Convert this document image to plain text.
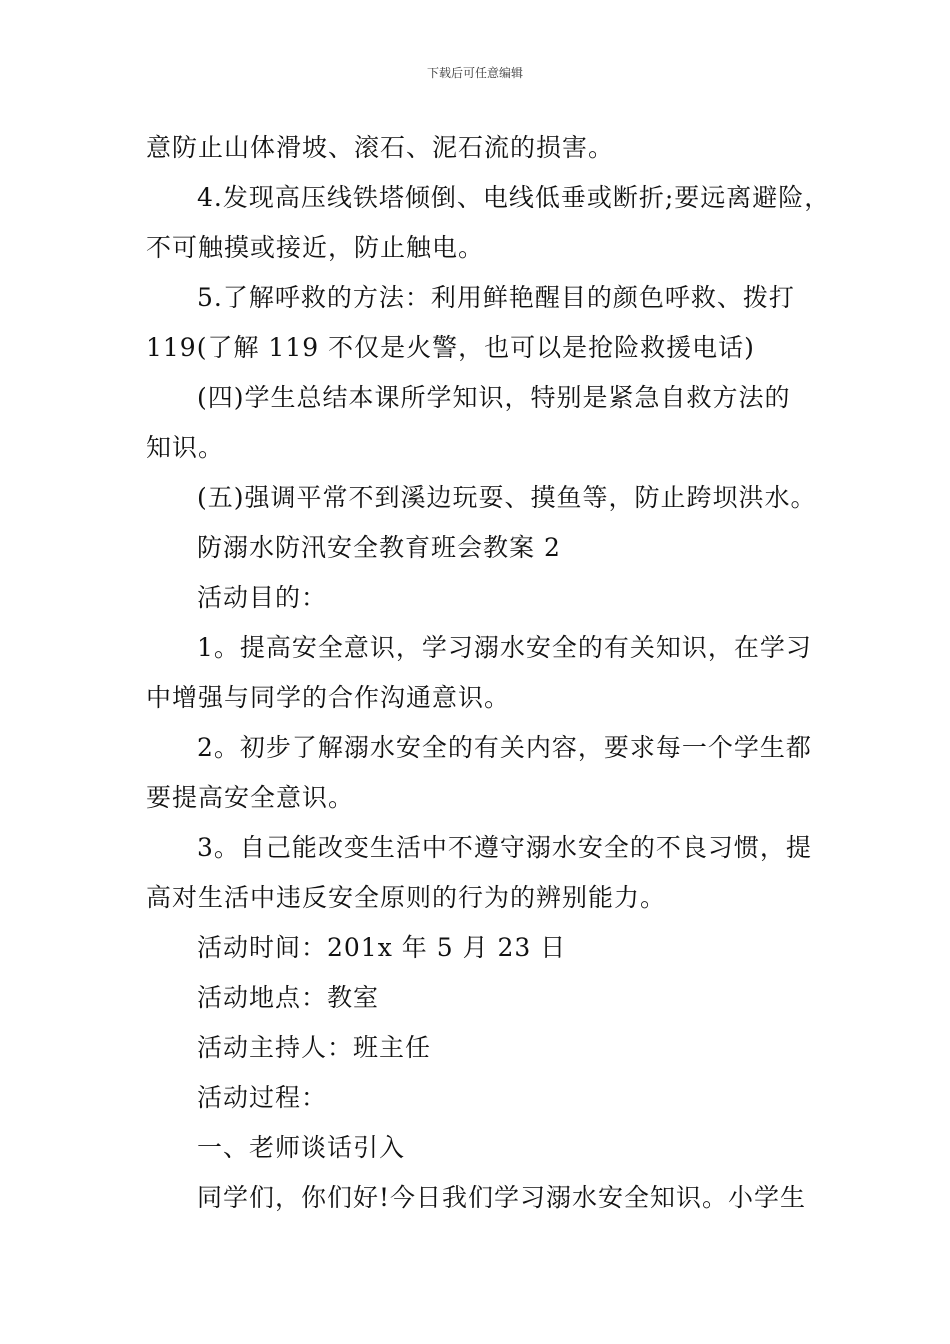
下载后可任意编辑
意防止山体滑坡、滚石、泥石流的损害。
4.发现高压线铁塔倾倒、电线低垂或断折;要远离避险，
不可触摸或接近，防止触电。
5.了解呼救的方法：利用鲜艳醒目的颜色呼救、拨打
119(了解 119 不仅是火警，也可以是抢险救援电话)
(四)学生总结本课所学知识，特别是紧急自救方法的
知识。
(五)强调平常不到溪边玩耍、摸鱼等，防止跨坝洪水。
防溺水防汛安全教育班会教案 2
活动目的：
1。提高安全意识，学习溺水安全的有关知识，在学习
中增强与同学的合作沟通意识。
2。初步了解溺水安全的有关内容，要求每一个学生都
要提高安全意识。
3。自己能改变生活中不遵守溺水安全的不良习惯，提
高对生活中违反安全原则的行为的辨别能力。
活动时间：201x 年 5 月 23 日
活动地点：教室
活动主持人：班主任
活动过程：
一、老师谈话引入
同学们，你们好!今日我们学习溺水安全知识。小学生
